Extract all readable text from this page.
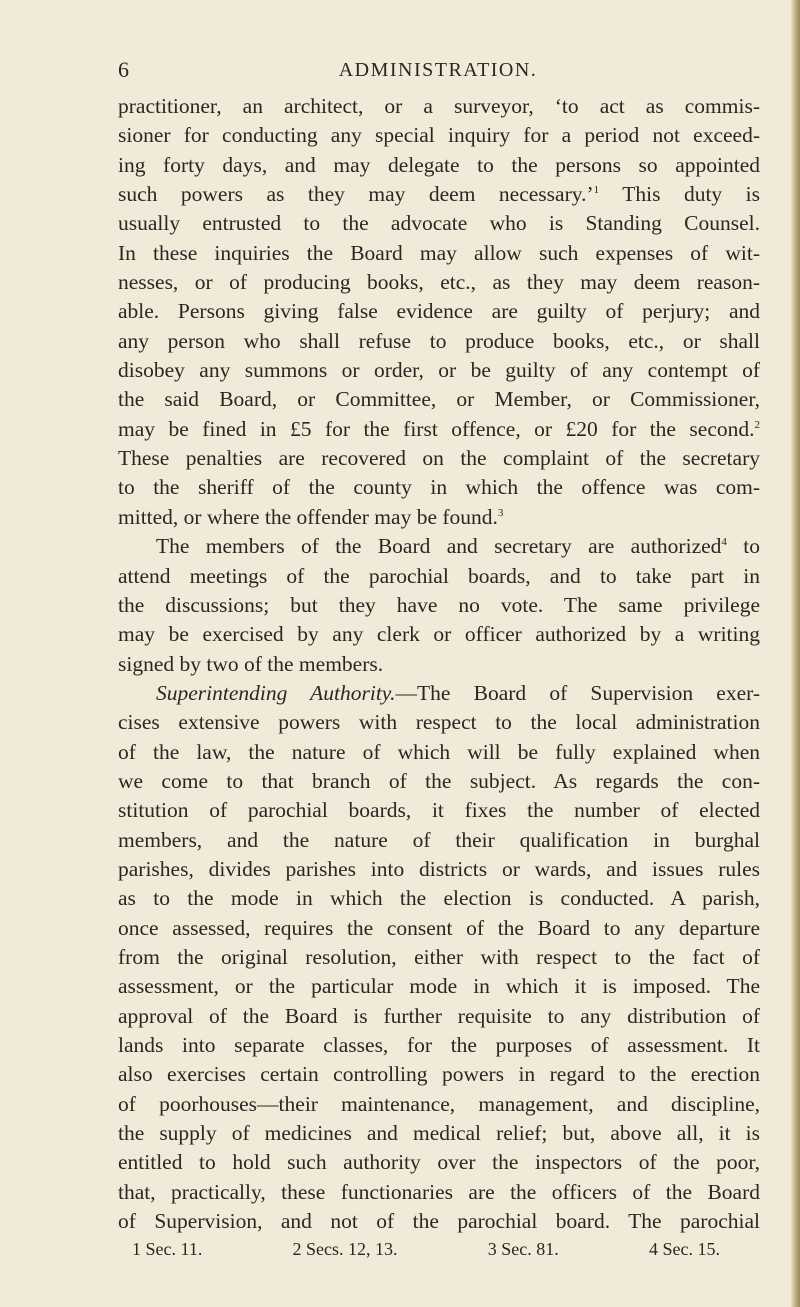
6	ADMINISTRATION.
practitioner, an architect, or a surveyor, ‘to act as commis-
sioner for conducting any special inquiry for a period not exceed-
ing forty days, and may delegate to the persons so appointed
such powers as they may deem necessary.’$^1$ This duty is
usually entrusted to the advocate who is Standing Counsel.
In these inquiries the Board may allow such expenses of wit-
nesses, or of producing books, etc., as they may deem reason-
able. Persons giving false evidence are guilty of perjury; and
any person who shall refuse to produce books, etc., or shall
disobey any summons or order, or be guilty of any contempt of
the said Board, or Committee, or Member, or Commissioner,
may be fined in £5 for the first offence, or £20 for the second.$^2$
These penalties are recovered on the complaint of the secretary
to the sheriff of the county in which the offence was com-
mitted, or where the offender may be found.$^3$
The members of the Board and secretary are authorized$^4$ to
attend meetings of the parochial boards, and to take part in
the discussions; but they have no vote. The same privilege
may be exercised by any clerk or officer authorized by a writing
signed by two of the members.
Superintending Authority.—The Board of Supervision exer-
cises extensive powers with respect to the local administration
of the law, the nature of which will be fully explained when
we come to that branch of the subject. As regards the con-
stitution of parochial boards, it fixes the number of elected
members, and the nature of their qualification in burghal
parishes, divides parishes into districts or wards, and issues rules
as to the mode in which the election is conducted. A parish,
once assessed, requires the consent of the Board to any departure
from the original resolution, either with respect to the fact of
assessment, or the particular mode in which it is imposed. The
approval of the Board is further requisite to any distribution of
lands into separate classes, for the purposes of assessment. It
also exercises certain controlling powers in regard to the erection
of poorhouses—their maintenance, management, and discipline,
the supply of medicines and medical relief; but, above all, it is
entitled to hold such authority over the inspectors of the poor,
that, practically, these functionaries are the officers of the Board
of Supervision, and not of the parochial board. The parochial
1 Sec. 11.	2 Secs. 12, 13.	3 Sec. 81.	4 Sec. 15.
